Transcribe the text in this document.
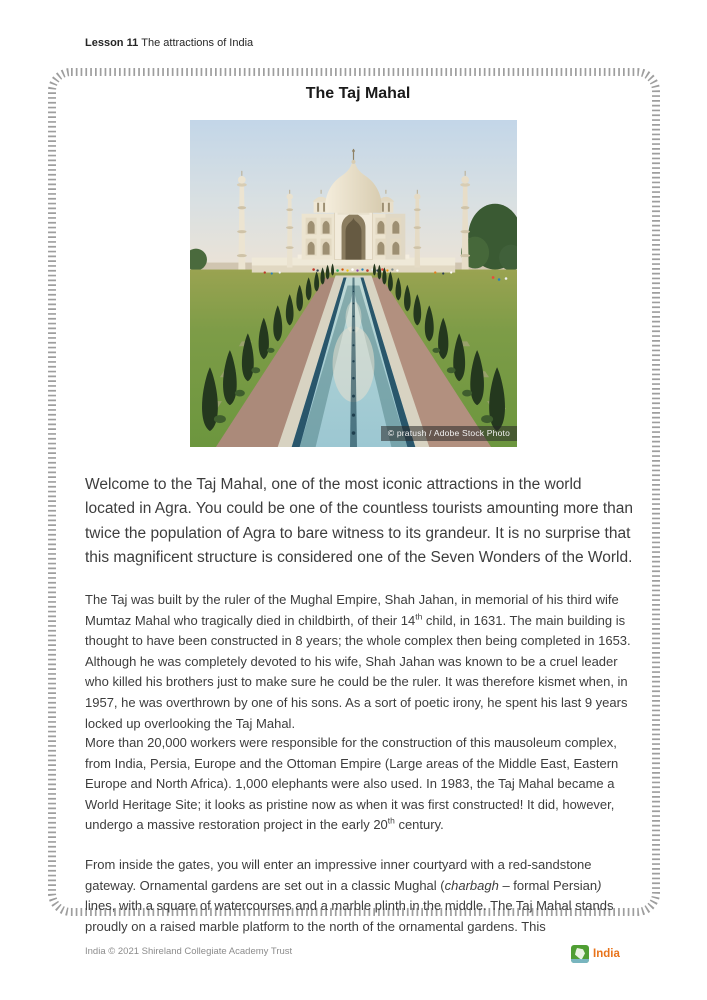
Lesson 11 The attractions of India
The Taj Mahal
© pratush / Adobe Stock Photo

Welcome to the Taj Mahal, one of the most iconic attractions in the world located in Agra. You could be one of the countless tourists amounting more than twice the population of Agra to bare witness to its grandeur. It is no surprise that this magnificent structure is considered one of the Seven Wonders of the World.

The Taj was built by the ruler of the Mughal Empire, Shah Jahan, in memorial of his third wife Mumtaz Mahal who tragically died in childbirth, of their 14th child, in 1631. The main building is thought to have been constructed in 8 years; the whole complex then being completed in 1653. Although he was completely devoted to his wife, Shah Jahan was known to be a cruel leader who killed his brothers just to make sure he could be the ruler. It was therefore kismet when, in 1957, he was overthrown by one of his sons. As a sort of poetic irony, he spent his last 9 years locked up overlooking the Taj Mahal.

More than 20,000 workers were responsible for the construction of this mausoleum complex, from India, Persia, Europe and the Ottoman Empire (Large areas of the Middle East, Eastern Europe and North Africa). 1,000 elephants were also used. In 1983, the Taj Mahal became a World Heritage Site; it looks as pristine now as when it was first constructed! It did, however, undergo a massive restoration project in the early 20th century.

From inside the gates, you will enter an impressive inner courtyard with a red-sandstone gateway. Ornamental gardens are set out in a classic Mughal (charbagh – formal Persian) lines, with a square of watercourses and a marble plinth in the middle. The Taj Mahal stands proudly on a raised marble platform to the north of the ornamental gardens. This

India © 2021 Shireland Collegiate Academy Trust	India
